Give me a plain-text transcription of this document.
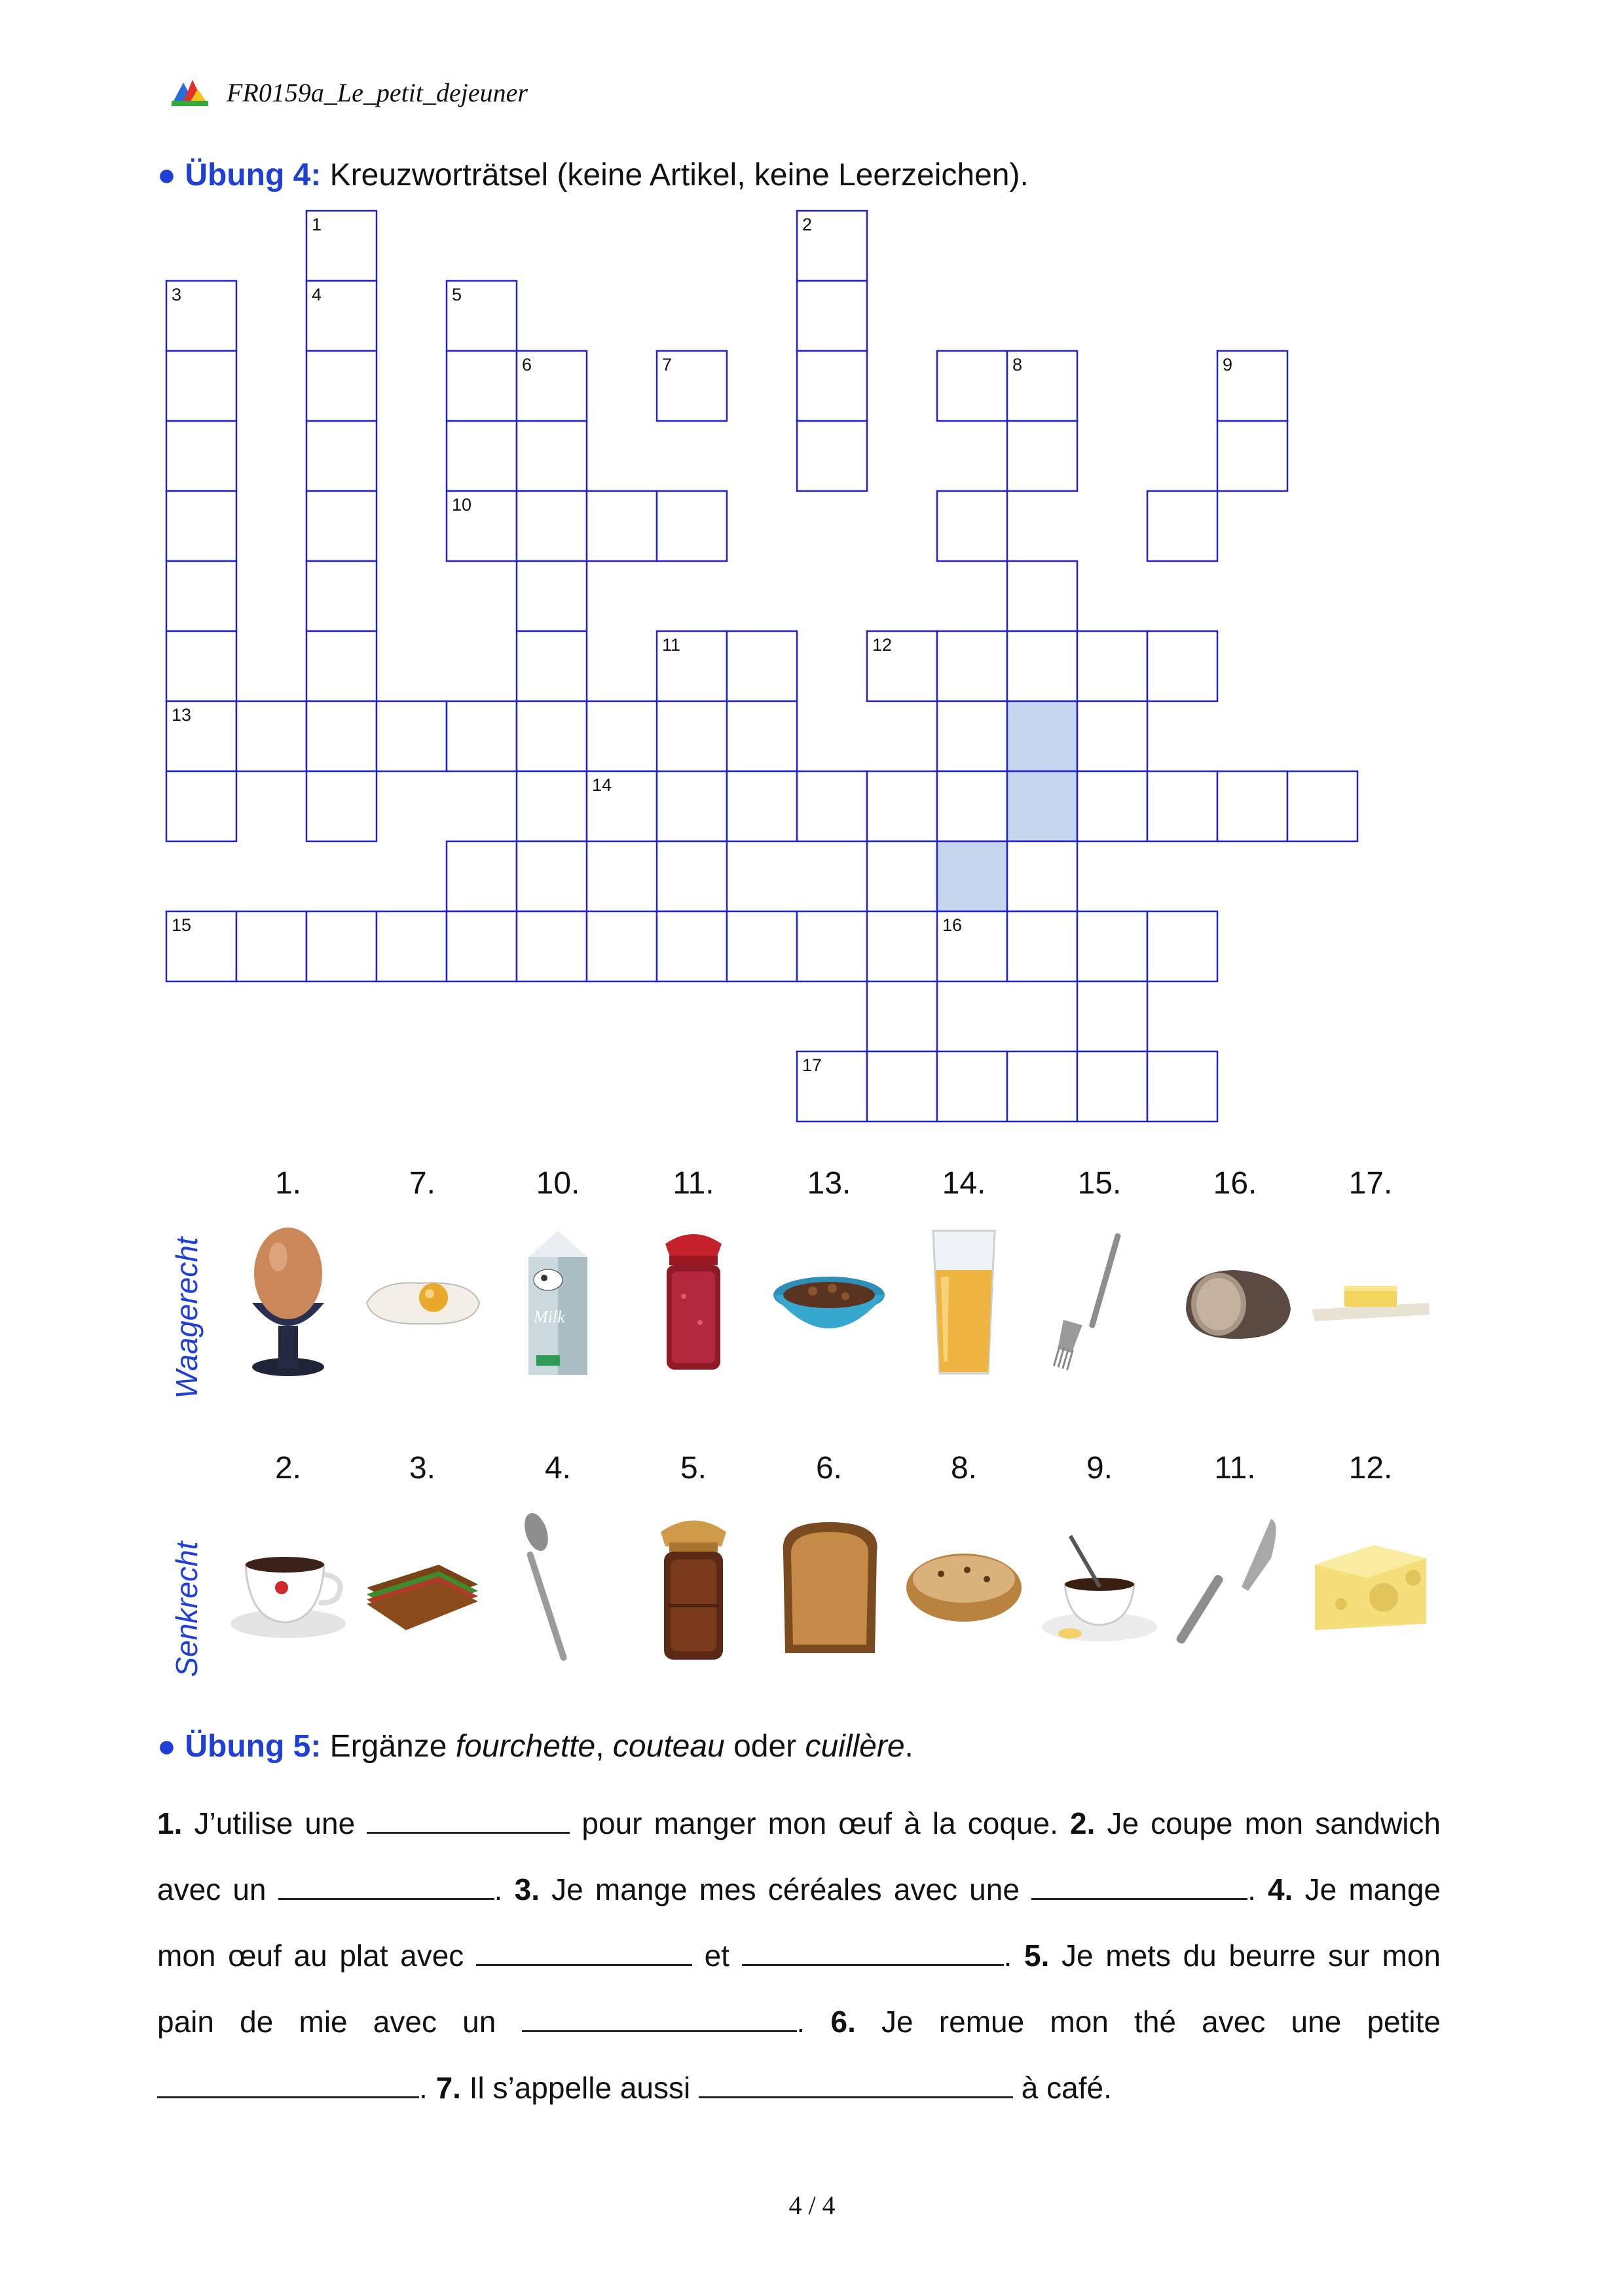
FR0159a_Le_petit_dejeuner
● Übung 4: Kreuzworträtsel (keine Artikel, keine Leerzeichen).
1	2
3	4	5
6	7	8	9
10
11	12
13
14
15	16
17
Waagerecht
1.	7.	10.
Milk
11.	13.	14.	15.	16.	17.
Senkrecht
2.	3.	4.	5.	6.	8.	9.	11.	12.
● Übung 5: Ergänze fourchette, couteau oder cuillère.
1. J’utilise une	pour manger mon œuf à la coque. 2. Je coupe mon sandwich avec un	. 3. Je mange mes céréales avec une	. 4. Je mange mon œuf au plat avec	et	. 5. Je mets du beurre sur mon pain de mie avec un	. 6. Je remue mon thé avec une petite . 7. Il s’appelle aussi	à café.
4 / 4
